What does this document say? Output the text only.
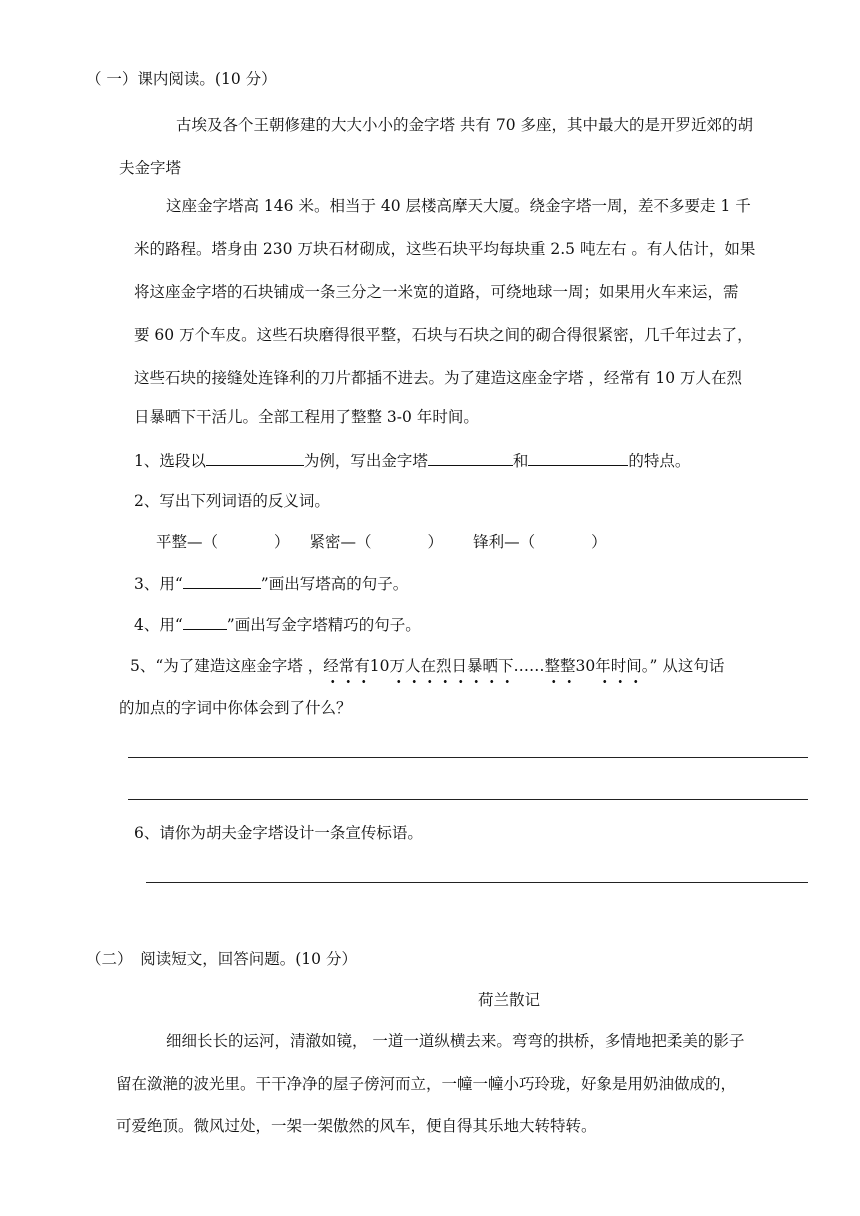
（ 一）课内阅读。(10 分）
古埃及各个王朝修建的大大小小的金字塔 共有 70 多座，其中最大的是开罗近郊的胡
夫金字塔
这座金字塔高 146 米。相当于 40 层楼高摩天大厦。绕金字塔一周，差不多要走 1 千
米的路程。塔身由 230 万块石材砌成，这些石块平均每块重 2.5 吨左右 。有人估计，如果
将这座金字塔的石块铺成一条三分之一米宽的道路，可绕地球一周；如果用火车来运，需
要 60 万个车皮。这些石块磨得很平整，石块与石块之间的砌合得很紧密，几千年过去了，
这些石块的接缝处连锋利的刀片都插不进去。为了建造这座金字塔 ，经常有 10 万人在烈
日暴晒下干活儿。全部工程用了整整 3-0 年时间。
1、选段以	为例，写出金字塔	和	的特点。
2、写出下列词语的反义词。
平整—（	） 紧密—（	） 锋利—（	）
3、用“	”画出写塔高的句子。
4、用“	”画出写金字塔精巧的句子。
5、“为了建造这座金字塔 ，经常有10万人在烈日暴晒下……整整30年时间。” 从这句话
的加点的字词中你体会到了什么？
6、请你为胡夫金字塔设计一条宣传标语。
（二）　阅读短文，回答问题。(10 分）
荷兰散记
细细长长的运河，清澈如镜， 一道一道纵横去来。弯弯的拱桥，多情地把柔美的影子
留在潋滟的波光里。干干净净的屋子傍河而立，一幢一幢小巧玲珑，好象是用奶油做成的，
可爱绝顶。微风过处，一架一架傲然的风车，便自得其乐地大转特转。
